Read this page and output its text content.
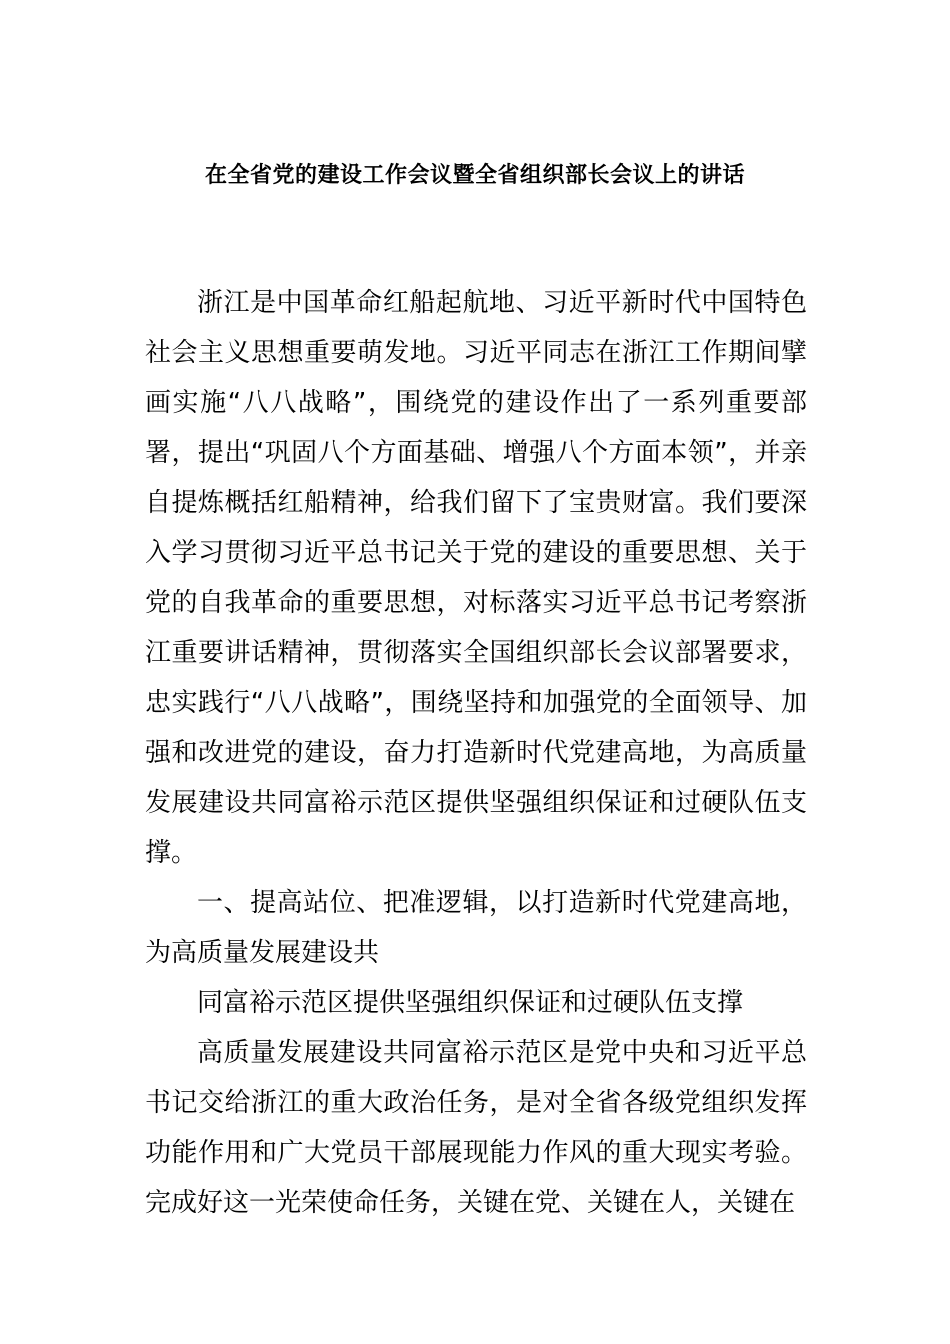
在全省党的建设工作会议暨全省组织部长会议上的讲话

浙江是中国革命红船起航地、习近平新时代中国特色社会主义思想重要萌发地。习近平同志在浙江工作期间擘画实施“八八战略”，围绕党的建设作出了一系列重要部署，提出“巩固八个方面基础、增强八个方面本领”，并亲自提炼概括红船精神，给我们留下了宝贵财富。我们要深入学习贯彻习近平总书记关于党的建设的重要思想、关于党的自我革命的重要思想，对标落实习近平总书记考察浙江重要讲话精神，贯彻落实全国组织部长会议部署要求，忠实践行“八八战略”，围绕坚持和加强党的全面领导、加强和改进党的建设，奋力打造新时代党建高地，为高质量发展建设共同富裕示范区提供坚强组织保证和过硬队伍支撑。

一、提高站位、把准逻辑，以打造新时代党建高地，为高质量发展建设共

同富裕示范区提供坚强组织保证和过硬队伍支撑

高质量发展建设共同富裕示范区是党中央和习近平总书记交给浙江的重大政治任务，是对全省各级党组织发挥功能作用和广大党员干部展现能力作风的重大现实考验。完成好这一光荣使命任务，关键在党、关键在人，关键在
